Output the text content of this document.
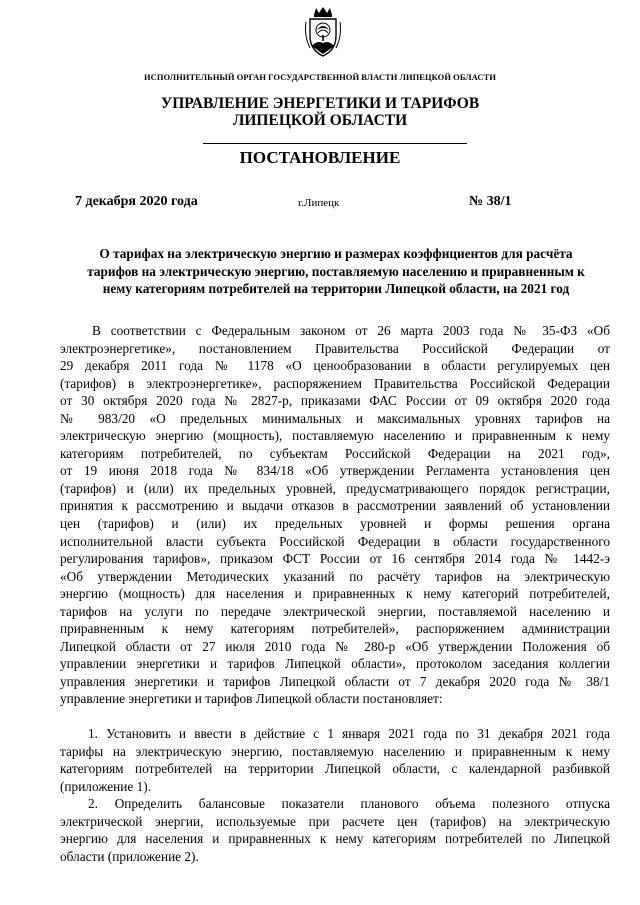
ИСПОЛНИТЕЛЬНЫЙ ОРГАН ГОСУДАРСТВЕННОЙ ВЛАСТИ ЛИПЕЦКОЙ ОБЛАСТИ
УПРАВЛЕНИЕ ЭНЕРГЕТИКИ И ТАРИФОВ
ЛИПЕЦКОЙ ОБЛАСТИ
ПОСТАНОВЛЕНИЕ
7 декабря 2020 года	г.Липецк	№ 38/1
О тарифах на электрическую энергию и размерах коэффициентов для расчёта
тарифов на электрическую энергию, поставляемую населению и приравненным к
нему категориям потребителей на территории Липецкой области, на 2021 год
В соответствии с Федеральным законом от 26 марта 2003 года № 35-ФЗ «Об
электроэнергетике», постановлением Правительства Российской Федерации от
29 декабря 2011 года № 1178 «О ценообразовании в области регулируемых цен
(тарифов) в электроэнергетике», распоряжением Правительства Российской Федерации
от 30 октября 2020 года № 2827-р, приказами ФАС России от 09 октября 2020 года
№ 983/20 «О предельных минимальных и максимальных уровнях тарифов на
электрическую энергию (мощность), поставляемую населению и приравненным к нему
категориям потребителей, по субъектам Российской Федерации на 2021 год»,
от 19 июня 2018 года № 834/18 «Об утверждении Регламента установления цен
(тарифов) и (или) их предельных уровней, предусматривающего порядок регистрации,
принятия к рассмотрению и выдачи отказов в рассмотрении заявлений об установлении
цен (тарифов) и (или) их предельных уровней и формы решения органа
исполнительной власти субъекта Российской Федерации в области государственного
регулирования тарифов», приказом ФСТ России от 16 сентября 2014 года № 1442-э
«Об утверждении Методических указаний по расчёту тарифов на электрическую
энергию (мощность) для населения и приравненных к нему категорий потребителей,
тарифов на услуги по передаче электрической энергии, поставляемой населению и
приравненным к нему категориям потребителей», распоряжением администрации
Липецкой области от 27 июля 2010 года № 280-р «Об утверждении Положения об
управлении энергетики и тарифов Липецкой области», протоколом заседания коллегии
управления энергетики и тарифов Липецкой области от 7 декабря 2020 года № 38/1
управление энергетики и тарифов Липецкой области постановляет:
1. Установить и ввести в действие с 1 января 2021 года по 31 декабря 2021 года
тарифы на электрическую энергию, поставляемую населению и приравненным к нему
категориям потребителей на территории Липецкой области, с календарной разбивкой
(приложение 1).
2. Определить балансовые показатели планового объема полезного отпуска
электрической энергии, используемые при расчете цен (тарифов) на электрическую
энергию для населения и приравненных к нему категориям потребителей по Липецкой
области (приложение 2).
